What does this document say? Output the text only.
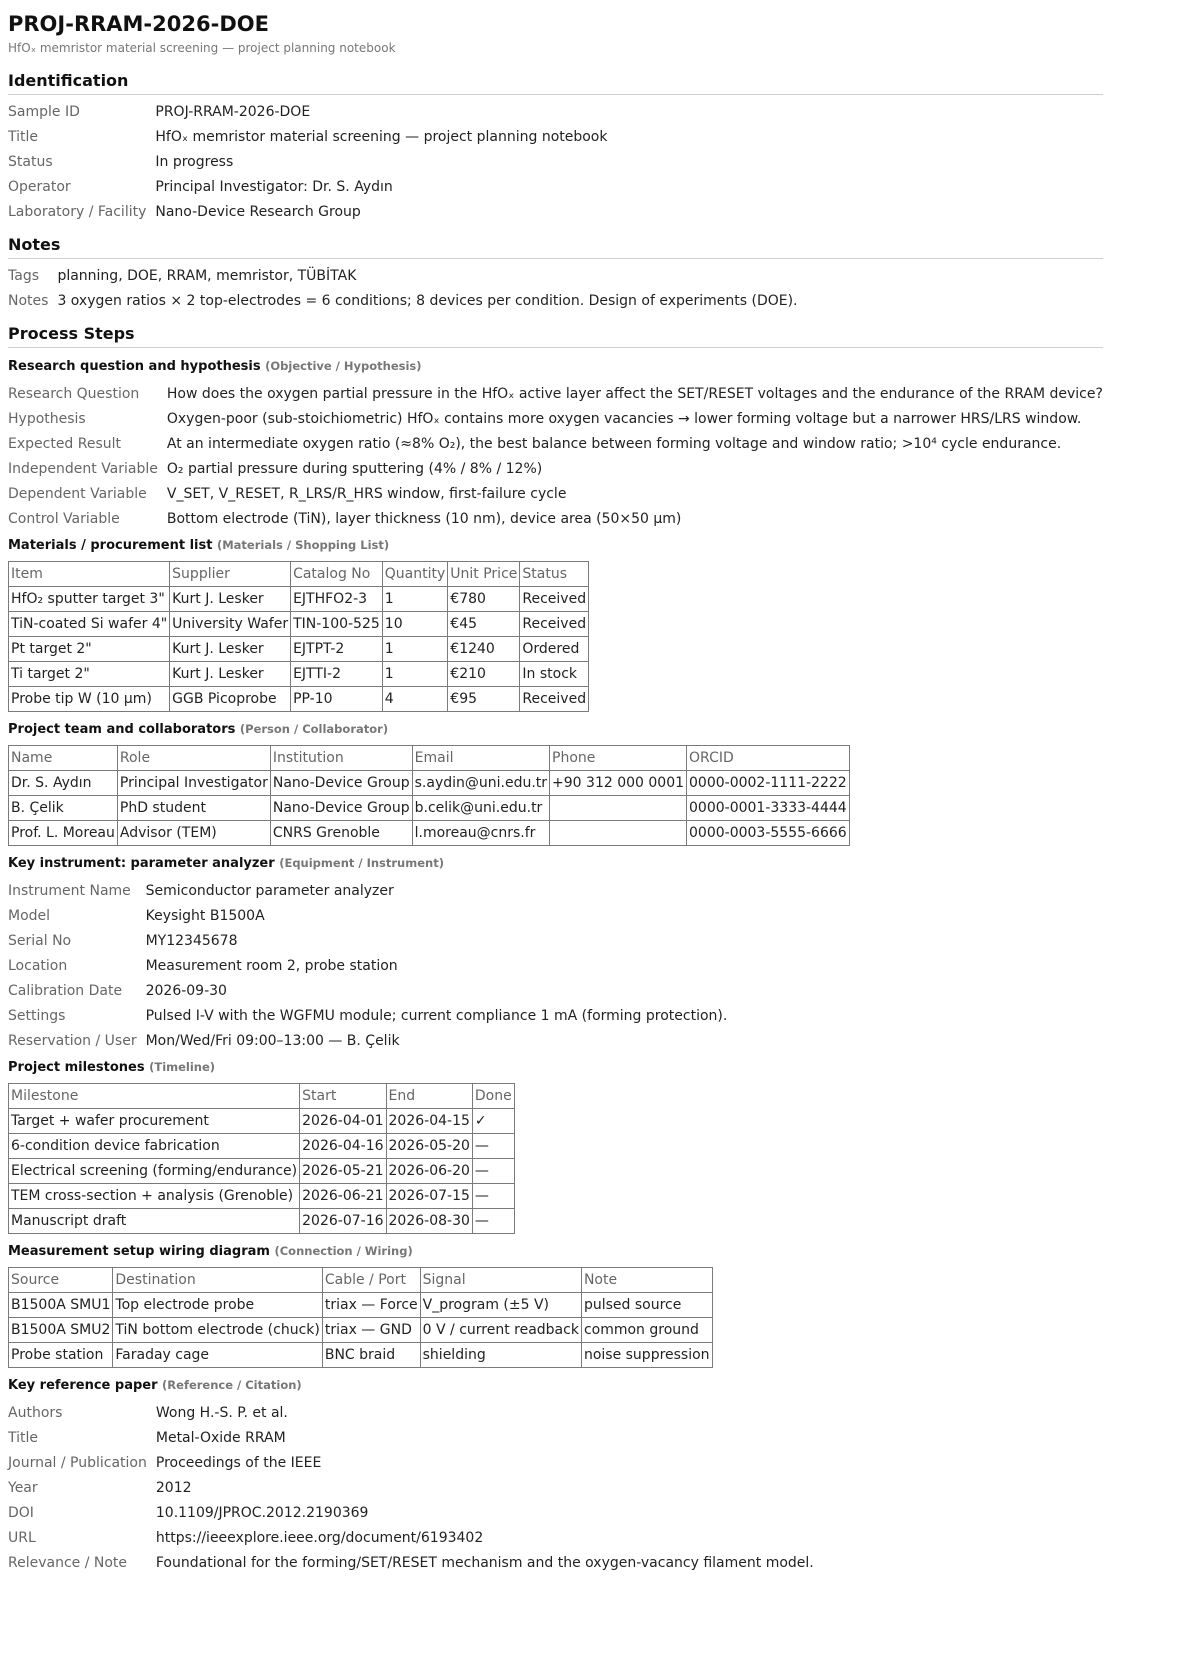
PROJ-RRAM-2026-DOE
HfOₓ memristor material screening — project planning notebook
Identification
Sample ID	PROJ-RRAM-2026-DOE
Title	HfOₓ memristor material screening — project planning notebook
Status	In progress
Operator	Principal Investigator: Dr. S. Aydın
Laboratory / Facility	Nano-Device Research Group
Notes
Tags	planning, DOE, RRAM, memristor, TÜBİTAK
Notes	3 oxygen ratios × 2 top-electrodes = 6 conditions; 8 devices per condition. Design of experiments (DOE).
Process Steps
Research question and hypothesis (Objective / Hypothesis)
Research Question	How does the oxygen partial pressure in the HfOₓ active layer affect the SET/RESET voltages and the endurance of the RRAM device?
Hypothesis	Oxygen-poor (sub-stoichiometric) HfOₓ contains more oxygen vacancies → lower forming voltage but a narrower HRS/LRS window.
Expected Result	At an intermediate oxygen ratio (≈8% O₂), the best balance between forming voltage and window ratio; >10⁴ cycle endurance.
Independent Variable	O₂ partial pressure during sputtering (4% / 8% / 12%)
Dependent Variable	V_SET, V_RESET, R_LRS/R_HRS window, first-failure cycle
Control Variable	Bottom electrode (TiN), layer thickness (10 nm), device area (50×50 µm)
Materials / procurement list (Materials / Shopping List)
Item	Supplier	Catalog No	Quantity	Unit Price	Status
HfO₂ sputter target 3"	Kurt J. Lesker	EJTHFO2-3	1	€780	Received
TiN-coated Si wafer 4"	University Wafer	TIN-100-525	10	€45	Received
Pt target 2"	Kurt J. Lesker	EJTPT-2	1	€1240	Ordered
Ti target 2"	Kurt J. Lesker	EJTTI-2	1	€210	In stock
Probe tip W (10 µm)	GGB Picoprobe	PP-10	4	€95	Received
Project team and collaborators (Person / Collaborator)
Name	Role	Institution	Email	Phone	ORCID
Dr. S. Aydın	Principal Investigator	Nano-Device Group	s.aydin@uni.edu.tr	+90 312 000 0001	0000-0002-1111-2222
B. Çelik	PhD student	Nano-Device Group	b.celik@uni.edu.tr		0000-0001-3333-4444
Prof. L. Moreau	Advisor (TEM)	CNRS Grenoble	l.moreau@cnrs.fr		0000-0003-5555-6666
Key instrument: parameter analyzer (Equipment / Instrument)
Instrument Name	Semiconductor parameter analyzer
Model	Keysight B1500A
Serial No	MY12345678
Location	Measurement room 2, probe station
Calibration Date	2026-09-30
Settings	Pulsed I-V with the WGFMU module; current compliance 1 mA (forming protection).
Reservation / User	Mon/Wed/Fri 09:00–13:00 — B. Çelik
Project milestones (Timeline)
Milestone	Start	End	Done
Target + wafer procurement	2026-04-01	2026-04-15	✓
6-condition device fabrication	2026-04-16	2026-05-20	—
Electrical screening (forming/endurance)	2026-05-21	2026-06-20	—
TEM cross-section + analysis (Grenoble)	2026-06-21	2026-07-15	—
Manuscript draft	2026-07-16	2026-08-30	—
Measurement setup wiring diagram (Connection / Wiring)
Source	Destination	Cable / Port	Signal	Note
B1500A SMU1	Top electrode probe	triax — Force	V_program (±5 V)	pulsed source
B1500A SMU2	TiN bottom electrode (chuck)	triax — GND	0 V / current readback	common ground
Probe station	Faraday cage	BNC braid	shielding	noise suppression
Key reference paper (Reference / Citation)
Authors	Wong H.-S. P. et al.
Title	Metal-Oxide RRAM
Journal / Publication	Proceedings of the IEEE
Year	2012
DOI	10.1109/JPROC.2012.2190369
URL	https://ieeexplore.ieee.org/document/6193402
Relevance / Note	Foundational for the forming/SET/RESET mechanism and the oxygen-vacancy filament model.
